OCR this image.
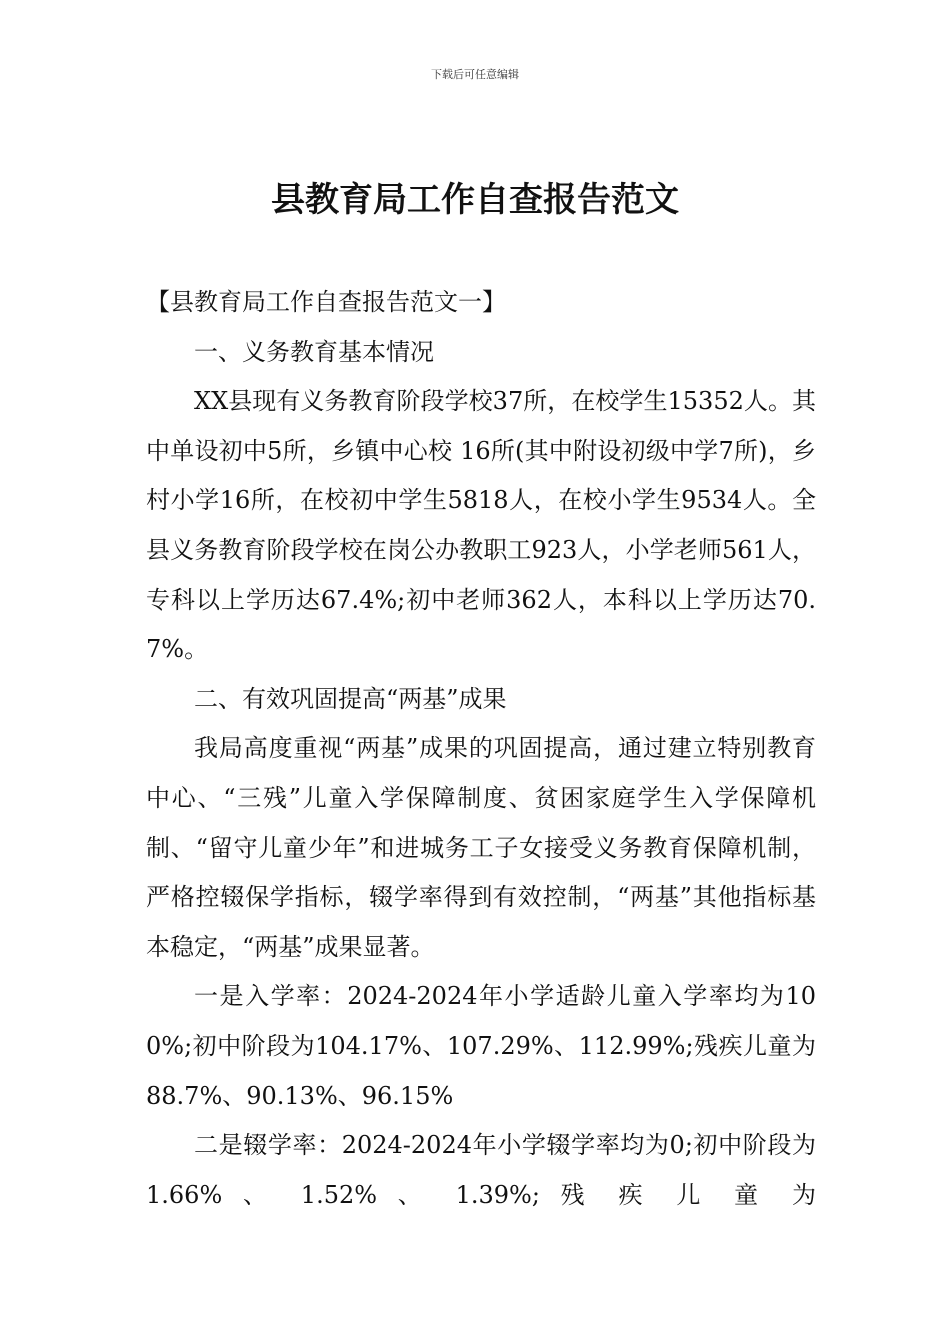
下载后可任意编辑
县教育局工作自查报告范文

【县教育局工作自查报告范文一】

一、义务教育基本情况

XX县现有义务教育阶段学校37所，在校学生15352人。其中单设初中5所，乡镇中心校 16所(其中附设初级中学7所)，乡村小学16所，在校初中学生5818人，在校小学生9534人。全县义务教育阶段学校在岗公办教职工923人，小学老师561人，专科以上学历达67.4%;初中老师362人，本科以上学历达70.7%。

二、有效巩固提高“两基”成果

我局高度重视“两基”成果的巩固提高，通过建立特别教育中心、“三残”儿童入学保障制度、贫困家庭学生入学保障机制、“留守儿童少年”和进城务工子女接受义务教育保障机制，严格控辍保学指标，辍学率得到有效控制，“两基”其他指标基本稳定，“两基”成果显著。

一是入学率：2024-2024年小学适龄儿童入学率均为100%;初中阶段为104.17%、107.29%、112.99%;残疾儿童为88.7%、90.13%、96.15%

二是辍学率：2024-2024年小学辍学率均为0;初中阶段为 1.66% 、 1.52% 、 1.39%; 残 疾 儿 童 为
